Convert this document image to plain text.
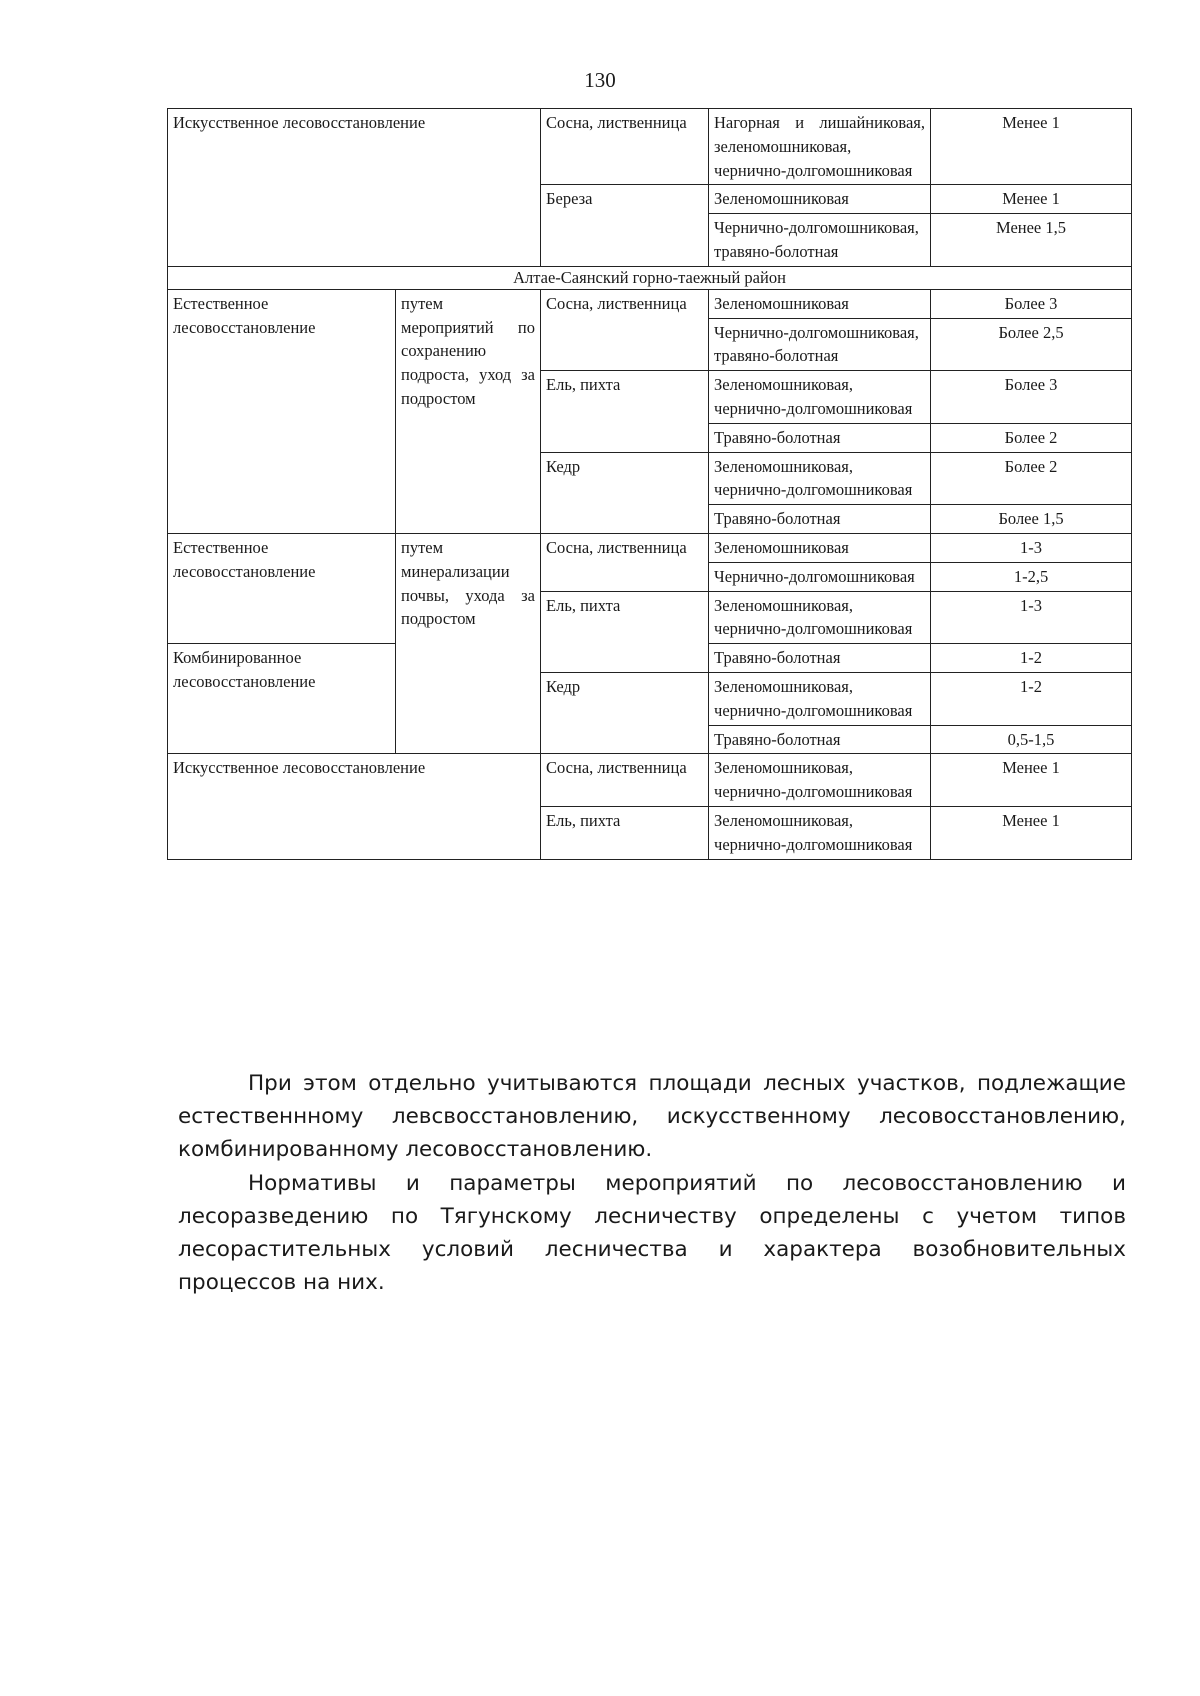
130
Искусственное лесовосстановление		Сосна, лиственница	Нагорная и лишайниковая, зеленомошниковая, чернично-долгомошниковая	Менее 1
		Береза	Зеленомошниковая	Менее 1
			Чернично-долгомошниковая, травяно-болотная	Менее 1,5
Алтае-Саянский горно-таежный район				
Естественное лесовосстановление	путем мероприятий по сохранению подроста, уход за подростом	Сосна, лиственница	Зеленомошниковая	Более 3
			Чернично-долгомошниковая, травяно-болотная	Более 2,5
		Ель, пихта	Зеленомошниковая, чернично-долгомошниковая	Более 3
			Травяно-болотная	Более 2
		Кедр	Зеленомошниковая, чернично-долгомошниковая	Более 2
			Травяно-болотная	Более 1,5
Естественное лесовосстановление	путем минерализации почвы, ухода за подростом	Сосна, лиственница	Зеленомошниковая	1-3
			Чернично-долгомошниковая	1-2,5
		Ель, пихта	Зеленомошниковая, чернично-долгомошниковая	1-3
Комбинированное лесовосстановление			Травяно-болотная	1-2
		Кедр	Зеленомошниковая, чернично-долгомошниковая	1-2
			Травяно-болотная	0,5-1,5
Искусственное лесовосстановление		Сосна, лиственница	Зеленомошниковая, чернично-долгомошниковая	Менее 1
		Ель, пихта	Зеленомошниковая, чернично-долгомошниковая	Менее 1

При этом отдельно учитываются площади лесных участков, подлежащие естественнному левсвосстановлению, искусственному лесовосстановлению, комбинированному лесовосстановлению.

Нормативы и параметры мероприятий по лесовосстановлению и лесоразведению по Тягунскому лесничеству определены с учетом типов лесорастительных условий лесничества и характера возобновительных процессов на них.
